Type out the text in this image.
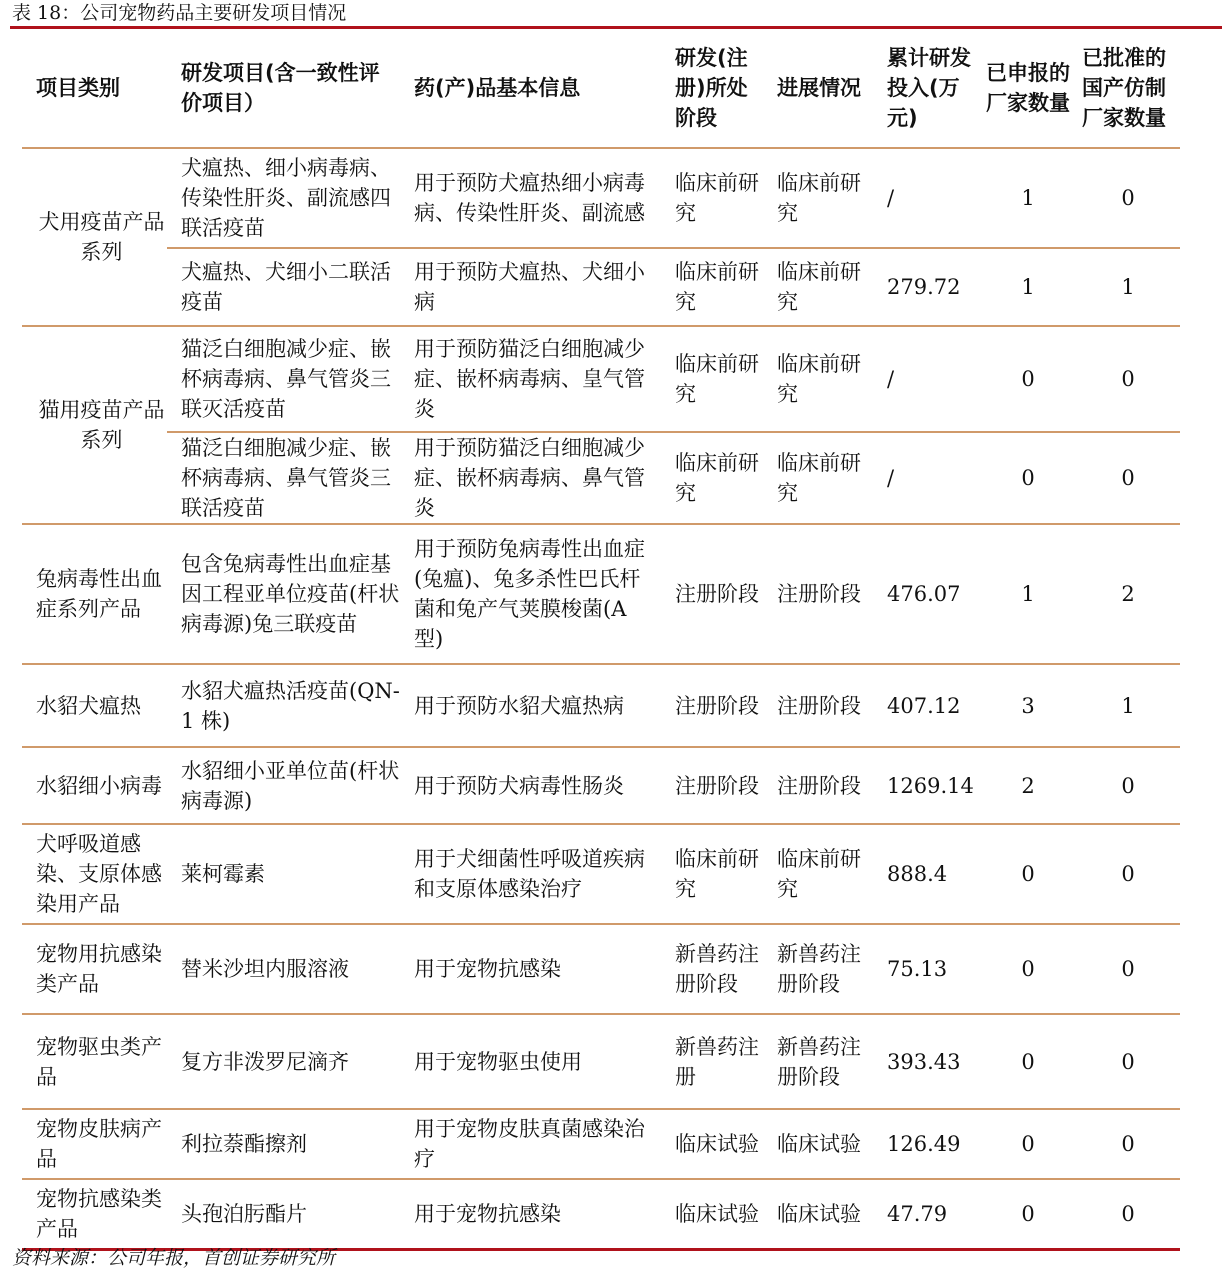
表 18：公司宠物药品主要研发项目情况
项目类别	研发项目(含一致性评价项目）	药(产)品基本信息	研发(注册)所处阶段	进展情况	累计研发投入(万元)	已申报的厂家数量	已批准的国产仿制厂家数量
犬用疫苗产品系列	犬瘟热、细小病毒病、传染性肝炎、副流感四联活疫苗	用于预防犬瘟热细小病毒病、传染性肝炎、副流感	临床前研究	临床前研究	/	1	0
	犬瘟热、犬细小二联活疫苗	用于预防犬瘟热、犬细小病	临床前研究	临床前研究	279.72	1	1
猫用疫苗产品系列	猫泛白细胞减少症、嵌杯病毒病、鼻气管炎三联灭活疫苗	用于预防猫泛白细胞减少症、嵌杯病毒病、皇气管炎	临床前研究	临床前研究	/	0	0
	猫泛白细胞减少症、嵌杯病毒病、鼻气管炎三联活疫苗	用于预防猫泛白细胞减少症、嵌杯病毒病、鼻气管炎	临床前研究	临床前研究	/	0	0
兔病毒性出血症系列产品	包含兔病毒性出血症基因工程亚单位疫苗(杆状病毒源)兔三联疫苗	用于预防兔病毒性出血症(兔瘟)、兔多杀性巴氏杆菌和兔产气荚膜梭菌(A 型)	注册阶段	注册阶段	476.07	1	2
水貂犬瘟热	水貂犬瘟热活疫苗(QN-1 株)	用于预防水貂犬瘟热病	注册阶段	注册阶段	407.12	3	1
水貂细小病毒	水貂细小亚单位苗(杆状病毒源)	用于预防犬病毒性肠炎	注册阶段	注册阶段	1269.14	2	0
犬呼吸道感染、支原体感染用产品	莱柯霉素	用于犬细菌性呼吸道疾病和支原体感染治疗	临床前研究	临床前研究	888.4	0	0
宠物用抗感染类产品	替米沙坦内服溶液	用于宠物抗感染	新兽药注册阶段	新兽药注册阶段	75.13	0	0
宠物驱虫类产品	复方非泼罗尼滴齐	用于宠物驱虫使用	新兽药注册	新兽药注册阶段	393.43	0	0
宠物皮肤病产品	利拉萘酯擦剂	用于宠物皮肤真菌感染治疗	临床试验	临床试验	126.49	0	0
宠物抗感染类产品	头孢泊肟酯片	用于宠物抗感染	临床试验	临床试验	47.79	0	0
资料来源：公司年报，首创证券研究所
